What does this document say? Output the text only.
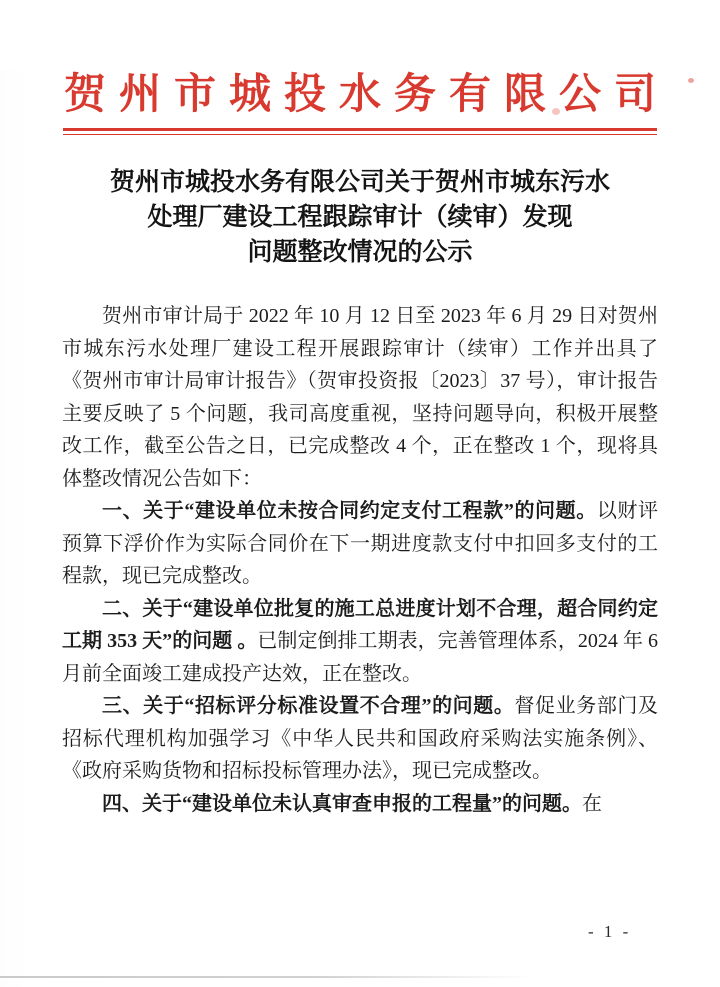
贺州市城投水务有限公司
贺州市城投水务有限公司关于贺州市城东污水
处理厂建设工程跟踪审计（续审）发现
问题整改情况的公示

贺州市审计局于 2022 年 10 月 12 日至 2023 年 6 月 29 日对贺州市城东污水处理厂建设工程开展跟踪审计（续审）工作并出具了《贺州市审计局审计报告》（贺审投资报〔2023〕37 号），审计报告主要反映了 5 个问题，我司高度重视，坚持问题导向，积极开展整改工作，截至公告之日，已完成整改 4 个，正在整改 1 个，现将具体整改情况公告如下：

一、关于“建设单位未按合同约定支付工程款”的问题。以财评预算下浮价作为实际合同价在下一期进度款支付中扣回多支付的工程款，现已完成整改。

二、关于“建设单位批复的施工总进度计划不合理，超合同约定工期 353 天”的问题 。已制定倒排工期表，完善管理体系，2024 年 6 月前全面竣工建成投产达效，正在整改。

三、关于“招标评分标准设置不合理”的问题。督促业务部门及招标代理机构加强学习《中华人民共和国政府采购法实施条例》、《政府采购货物和招标投标管理办法》，现已完成整改。

四、关于“建设单位未认真审查申报的工程量”的问题。在

- 1 -
